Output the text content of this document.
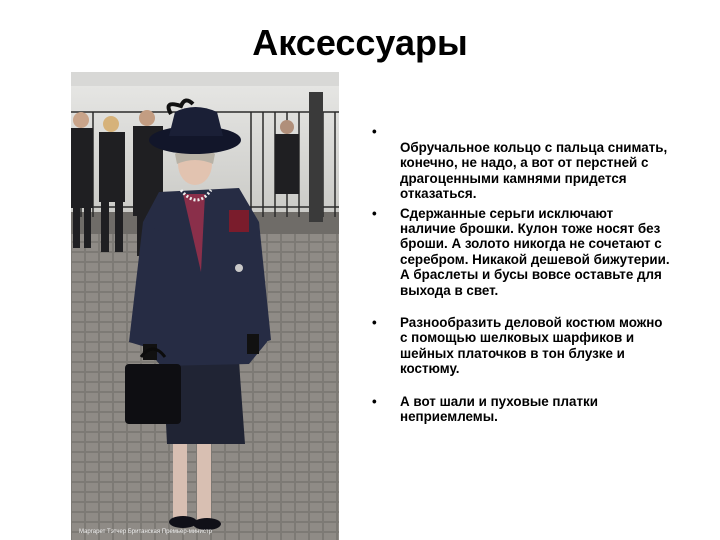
Аксессуары
Маргарет Тэтчер Британская Премьер-министр
•
Обручальное кольцо с пальца снимать, конечно, не надо, а вот от перстней с драгоценными камнями придется отказаться.
• Сдержанные серьги исключают наличие брошки. Кулон тоже носят без броши. А золото никогда не сочетают с серебром. Никакой дешевой бижутерии. А браслеты и бусы вовсе оставьте для выхода в свет.
• Разнообразить деловой костюм можно с помощью шелковых шарфиков и шейных платочков в тон блузке и костюму.
• А вот шали и пуховые платки неприемлемы.
